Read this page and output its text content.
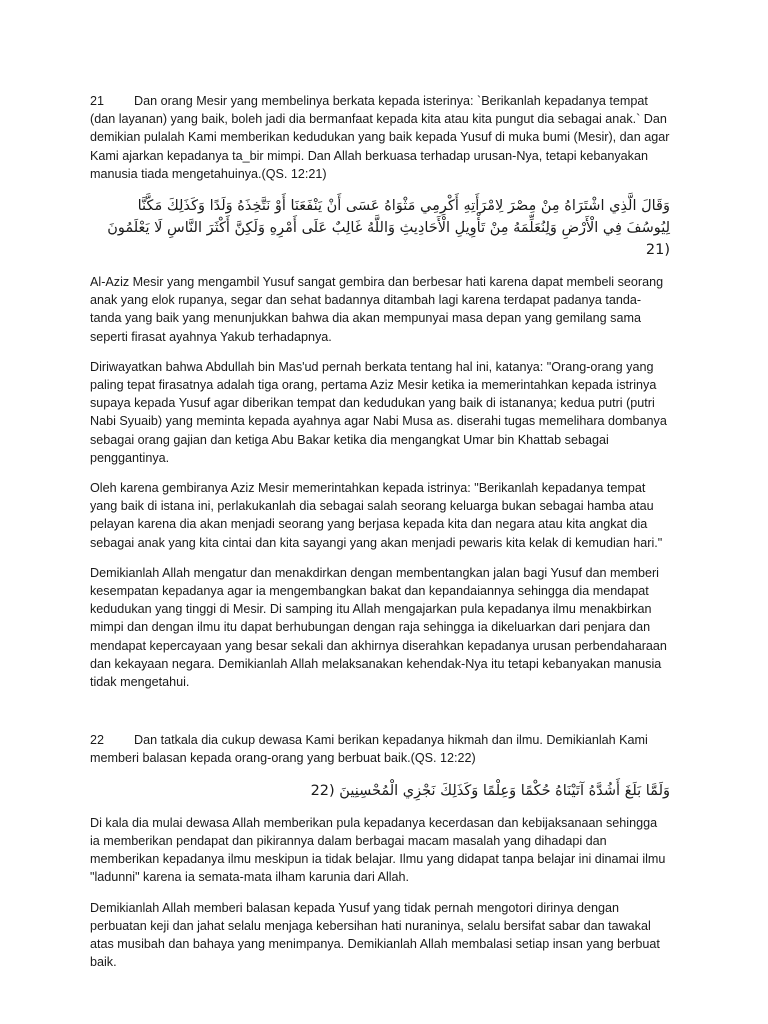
21 Dan orang Mesir yang membelinya berkata kepada isterinya: `Berikanlah kepadanya tempat (dan layanan) yang baik, boleh jadi dia bermanfaat kepada kita atau kita pungut dia sebagai anak.` Dan demikian pulalah Kami memberikan kedudukan yang baik kepada Yusuf di muka bumi (Mesir), dan agar Kami ajarkan kepadanya ta_bir mimpi. Dan Allah berkuasa terhadap urusan-Nya, tetapi kebanyakan manusia tiada mengetahuinya.(QS. 12:21)

وَقَالَ الَّذِي اشْتَرَاهُ مِنْ مِصْرَ لِامْرَأَتِهِ أَكْرِمِي مَثْوَاهُ عَسَى أَنْ يَنْفَعَنَا أَوْ نَتَّخِذَهُ وَلَدًا وَكَذَلِكَ مَكَّنَّا لِيُوسُفَ فِي الْأَرْضِ وَلِنُعَلِّمَهُ مِنْ تَأْوِيلِ الْأَحَادِيثِ وَاللَّهُ غَالِبٌ عَلَى أَمْرِهِ وَلَكِنَّ أَكْثَرَ النَّاسِ لَا يَعْلَمُونَ (21

Al-Aziz Mesir yang mengambil Yusuf sangat gembira dan berbesar hati karena dapat membeli seorang anak yang elok rupanya, segar dan sehat badannya ditambah lagi karena terdapat padanya tanda-tanda yang baik yang menunjukkan bahwa dia akan mempunyai masa depan yang gemilang sama seperti firasat ayahnya Yakub terhadapnya.

Diriwayatkan bahwa Abdullah bin Mas'ud pernah berkata tentang hal ini, katanya: "Orang-orang yang paling tepat firasatnya adalah tiga orang, pertama Aziz Mesir ketika ia memerintahkan kepada istrinya supaya kepada Yusuf agar diberikan tempat dan kedudukan yang baik di istananya; kedua putri (putri Nabi Syuaib) yang meminta kepada ayahnya agar Nabi Musa as. diserahi tugas memelihara dombanya sebagai orang gajian dan ketiga Abu Bakar ketika dia mengangkat Umar bin Khattab sebagai penggantinya.

Oleh karena gembiranya Aziz Mesir memerintahkan kepada istrinya: "Berikanlah kepadanya tempat yang baik di istana ini, perlakukanlah dia sebagai salah seorang keluarga bukan sebagai hamba atau pelayan karena dia akan menjadi seorang yang berjasa kepada kita dan negara atau kita angkat dia sebagai anak yang kita cintai dan kita sayangi yang akan menjadi pewaris kita kelak di kemudian hari."

Demikianlah Allah mengatur dan menakdirkan dengan membentangkan jalan bagi Yusuf dan memberi kesempatan kepadanya agar ia mengembangkan bakat dan kepandaiannya sehingga dia mendapat kedudukan yang tinggi di Mesir. Di samping itu Allah mengajarkan pula kepadanya ilmu menakbirkan mimpi dan dengan ilmu itu dapat berhubungan dengan raja sehingga ia dikeluarkan dari penjara dan mendapat kepercayaan yang besar sekali dan akhirnya diserahkan kepadanya urusan perbendaharaan dan kekayaan negara. Demikianlah Allah melaksanakan kehendak-Nya itu tetapi kebanyakan manusia tidak mengetahui.

22 Dan tatkala dia cukup dewasa Kami berikan kepadanya hikmah dan ilmu. Demikianlah Kami memberi balasan kepada orang-orang yang berbuat baik.(QS. 12:22)

وَلَمَّا بَلَغَ أَشُدَّهُ آتَيْنَاهُ حُكْمًا وَعِلْمًا وَكَذَلِكَ نَجْزِي الْمُحْسِنِينَ (22

Di kala dia mulai dewasa Allah memberikan pula kepadanya kecerdasan dan kebijaksanaan sehingga ia memberikan pendapat dan pikirannya dalam berbagai macam masalah yang dihadapi dan memberikan kepadanya ilmu meskipun ia tidak belajar. Ilmu yang didapat tanpa belajar ini dinamai ilmu "ladunni" karena ia semata-mata ilham karunia dari Allah.

Demikianlah Allah memberi balasan kepada Yusuf yang tidak pernah mengotori dirinya dengan perbuatan keji dan jahat selalu menjaga kebersihan hati nuraninya, selalu bersifat sabar dan tawakal atas musibah dan bahaya yang menimpanya. Demikianlah Allah membalasi setiap insan yang berbuat baik.
